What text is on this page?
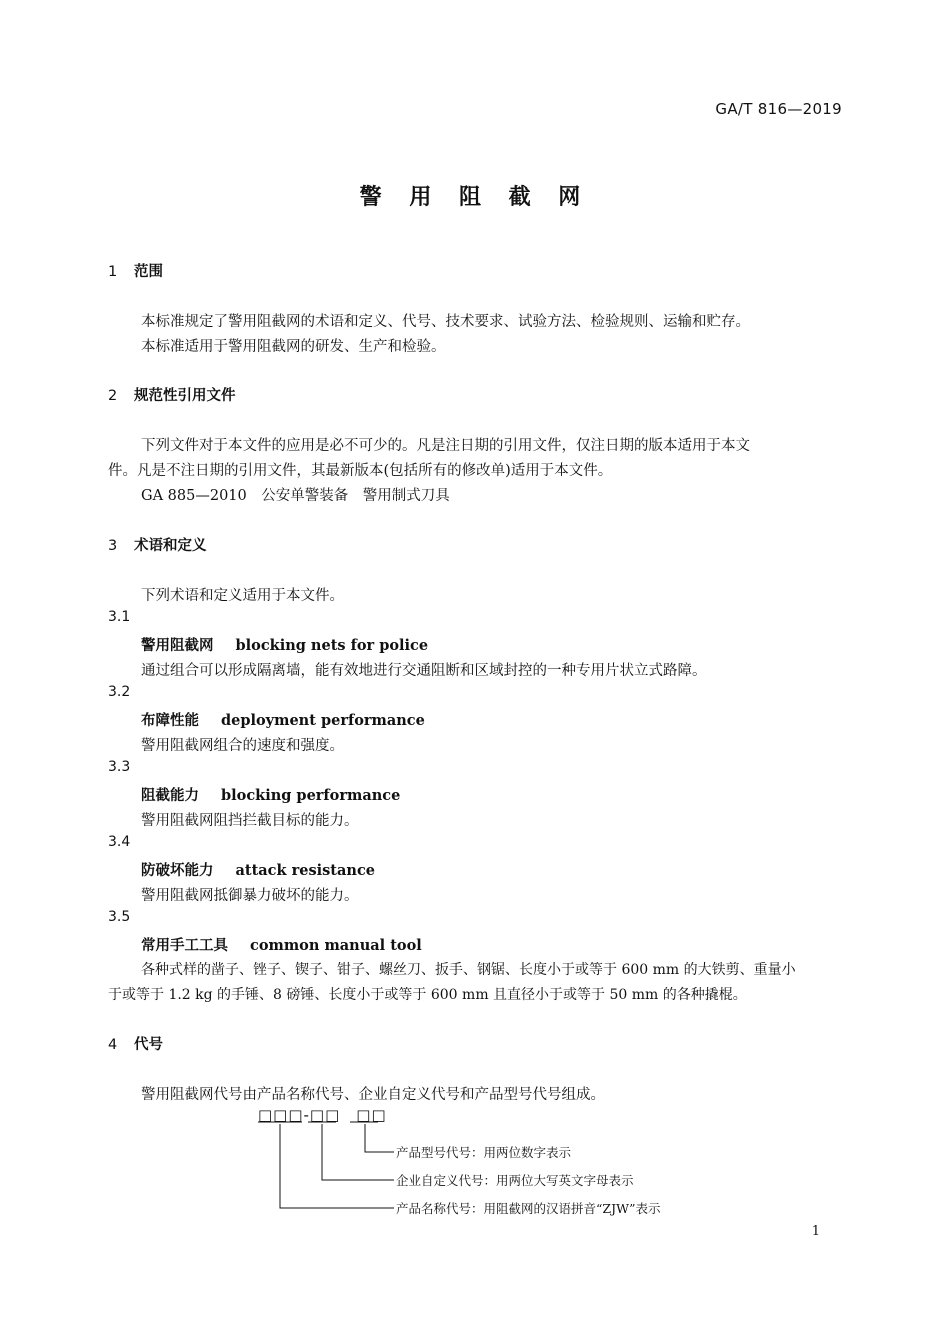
GA/T 816—2019
警 用 阻 截 网
1 范围
本标准规定了警用阻截网的术语和定义、代号、技术要求、试验方法、检验规则、运输和贮存。
本标准适用于警用阻截网的研发、生产和检验。
2 规范性引用文件
下列文件对于本文件的应用是必不可少的。凡是注日期的引用文件，仅注日期的版本适用于本文
件。凡是不注日期的引用文件，其最新版本(包括所有的修改单)适用于本文件。
GA 885—2010　公安单警装备　警用制式刀具
3 术语和定义
下列术语和定义适用于本文件。
3.1
警用阻截网 blocking nets for police
通过组合可以形成隔离墙，能有效地进行交通阻断和区域封控的一种专用片状立式路障。
3.2
布障性能 deployment performance
警用阻截网组合的速度和强度。
3.3
阻截能力 blocking performance
警用阻截网阻挡拦截目标的能力。
3.4
防破坏能力 attack resistance
警用阻截网抵御暴力破坏的能力。
3.5
常用手工工具 common manual tool
各种式样的凿子、锉子、锲子、钳子、螺丝刀、扳手、钢锯、长度小于或等于 600 mm 的大铁剪、重量小
于或等于 1.2 kg 的手锤、8 磅锤、长度小于或等于 600 mm 且直径小于或等于 50 mm 的各种撬棍。
4 代号
警用阻截网代号由产品名称代号、企业自定义代号和产品型号代号组成。
□□□-□□　□□
产品型号代号：用两位数字表示
企业自定义代号：用两位大写英文字母表示
产品名称代号：用阻截网的汉语拼音“ZJW”表示
1
